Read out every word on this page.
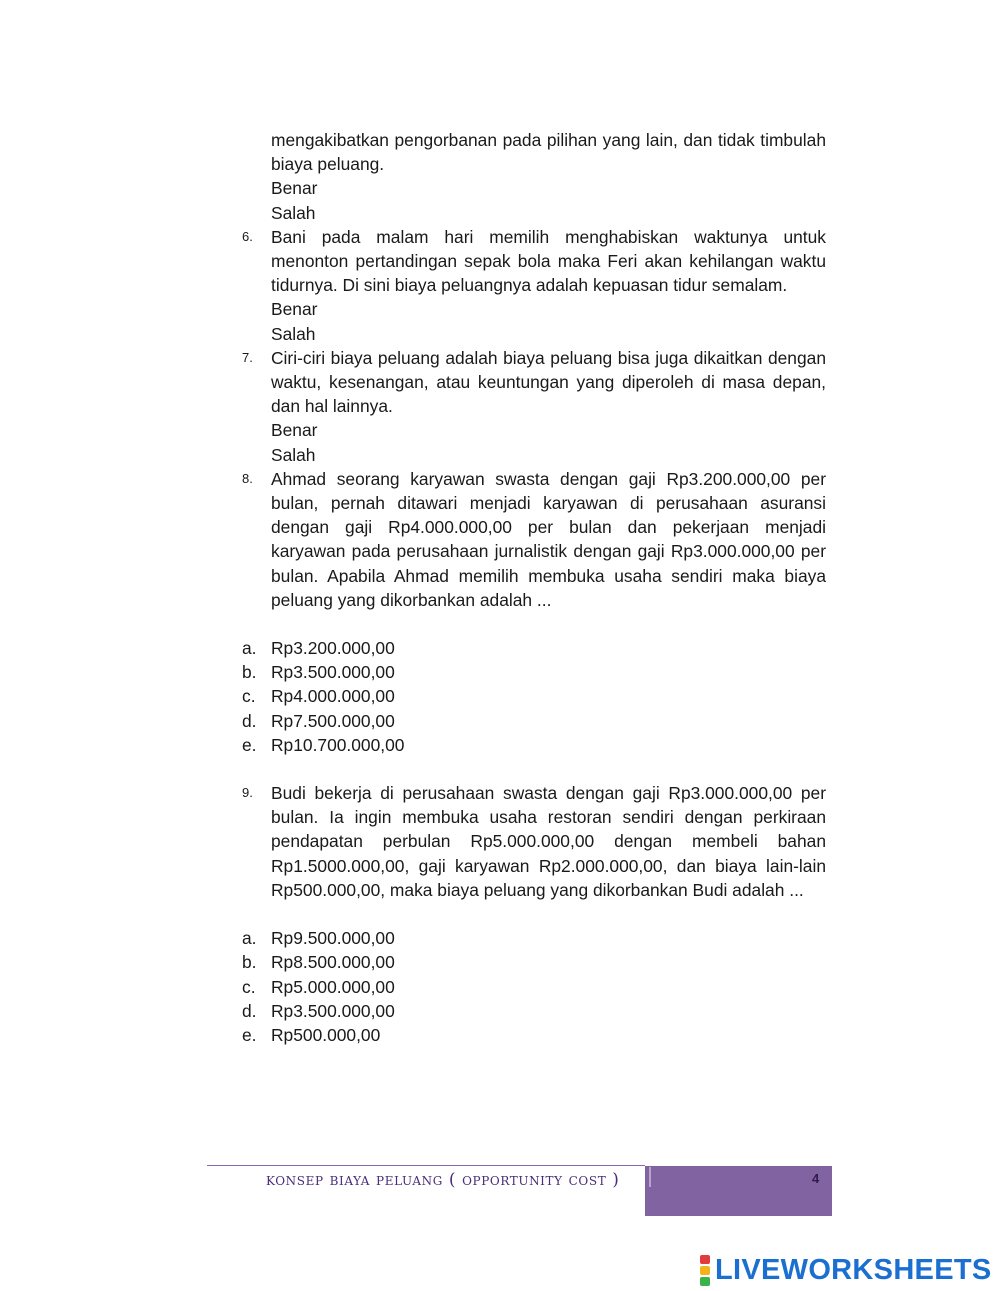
mengakibatkan pengorbanan pada pilihan yang lain, dan tidak timbulah biaya peluang.
Benar
Salah
6.	Bani pada malam hari memilih menghabiskan waktunya untuk menonton pertandingan sepak bola maka Feri akan kehilangan waktu tidurnya. Di sini biaya peluangnya adalah kepuasan tidur semalam.
Benar
Salah
7.	Ciri-ciri biaya peluang adalah biaya peluang bisa juga dikaitkan dengan waktu, kesenangan, atau keuntungan yang diperoleh di masa depan, dan hal lainnya.
Benar
Salah
8.	Ahmad seorang karyawan swasta dengan gaji Rp3.200.000,00 per bulan, pernah ditawari menjadi karyawan di perusahaan asuransi dengan gaji Rp4.000.000,00 per bulan dan pekerjaan menjadi karyawan pada perusahaan jurnalistik dengan gaji Rp3.000.000,00 per bulan. Apabila Ahmad memilih membuka usaha sendiri maka biaya peluang yang dikorbankan adalah ...
a. Rp3.200.000,00
b. Rp3.500.000,00
c. Rp4.000.000,00
d. Rp7.500.000,00
e. Rp10.700.000,00
9.	Budi bekerja di perusahaan swasta dengan gaji Rp3.000.000,00 per bulan. Ia ingin membuka usaha restoran sendiri dengan perkiraan pendapatan perbulan Rp5.000.000,00 dengan membeli bahan Rp1.5000.000,00, gaji karyawan Rp2.000.000,00, dan biaya lain-lain Rp500.000,00, maka biaya peluang yang dikorbankan Budi adalah ...
a. Rp9.500.000,00
b. Rp8.500.000,00
c. Rp5.000.000,00
d. Rp3.500.000,00
e. Rp500.000,00
konsep biaya peluang ( opportunity cost )	4
LIVEWORKSHEETS
